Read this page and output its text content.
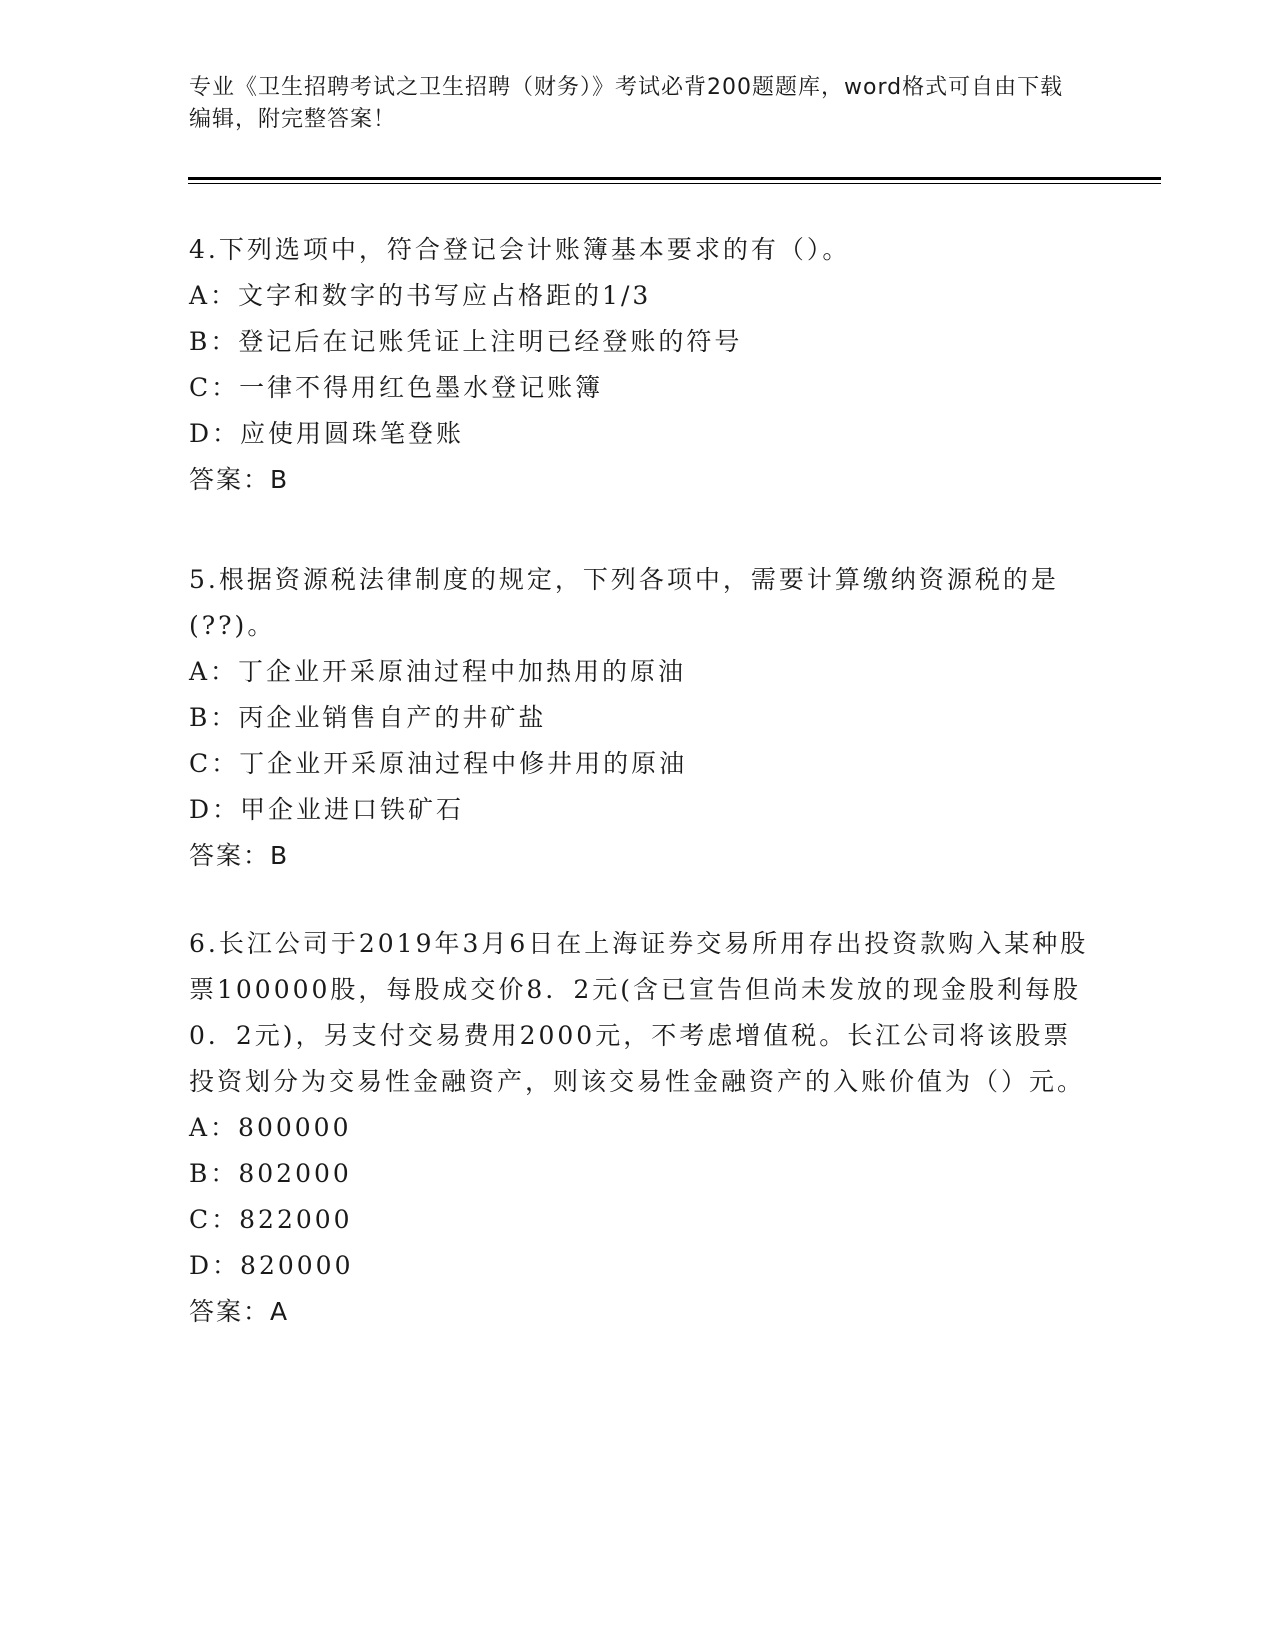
专业《卫生招聘考试之卫生招聘（财务）》考试必背200题题库，word格式可自由下载编辑，附完整答案！

4.下列选项中，符合登记会计账簿基本要求的有（）。

A：文字和数字的书写应占格距的1/3

B：登记后在记账凭证上注明已经登账的符号

C：一律不得用红色墨水登记账簿

D：应使用圆珠笔登账

答案：B

5.根据资源税法律制度的规定，下列各项中，需要计算缴纳资源税的是(??)。

A：丁企业开采原油过程中加热用的原油

B：丙企业销售自产的井矿盐

C：丁企业开采原油过程中修井用的原油

D：甲企业进口铁矿石

答案：B

6.长江公司于2019年3月6日在上海证券交易所用存出投资款购入某种股票100000股，每股成交价8．2元(含已宣告但尚未发放的现金股利每股0．2元)，另支付交易费用2000元，不考虑增值税。长江公司将该股票投资划分为交易性金融资产，则该交易性金融资产的入账价值为（）元。

A：800000

B：802000

C：822000

D：820000

答案：A
